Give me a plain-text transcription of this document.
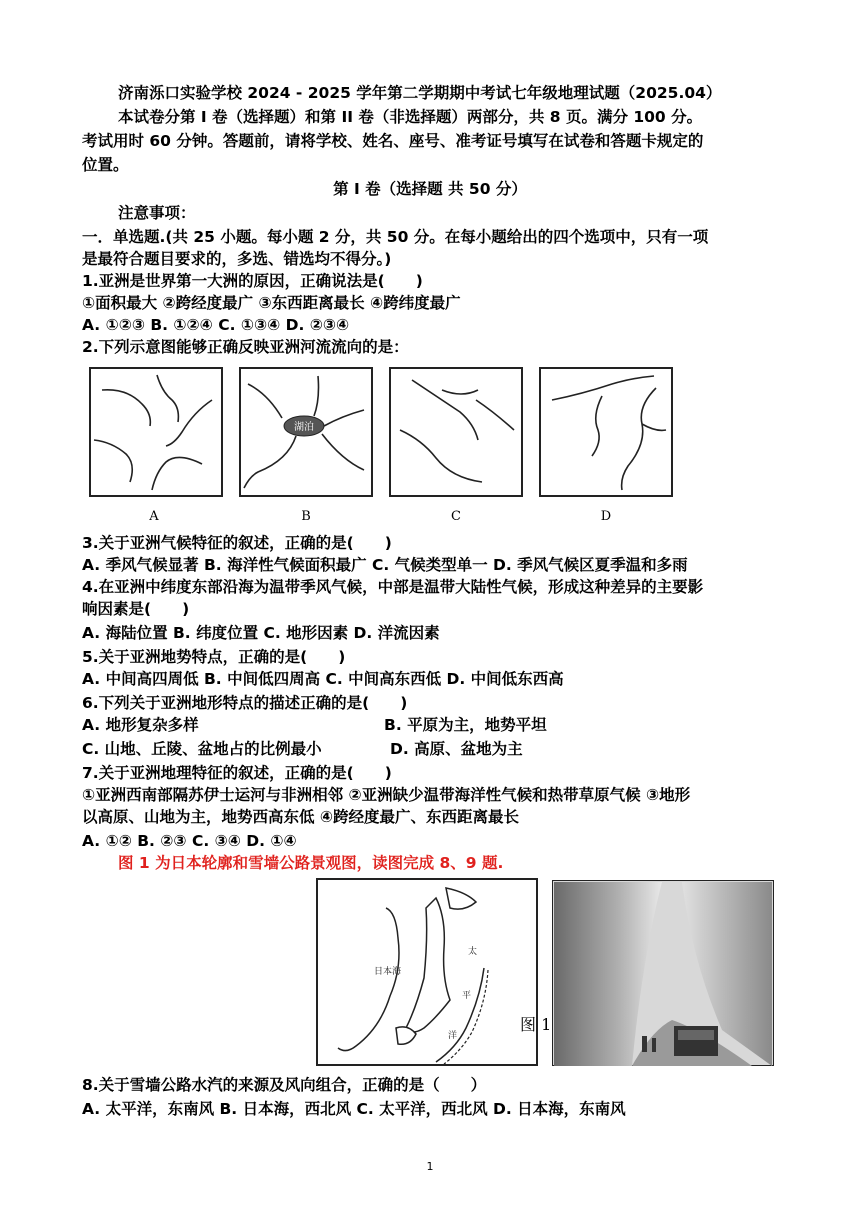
济南泺口实验学校 2024 - 2025 学年第二学期期中考试七年级地理试题（2025.04）
本试卷分第 I 卷（选择题）和第 II 卷（非选择题）两部分，共 8 页。满分 100 分。
考试用时 60 分钟。答题前，请将学校、姓名、座号、准考证号填写在试卷和答题卡规定的
位置。
第 I 卷（选择题 共 50 分）
注意事项：
一．单选题.(共 25 小题。每小题 2 分，共 50 分。在每小题给出的四个选项中，只有一项
是最符合题目要求的，多选、错选均不得分。)
1.亚洲是世界第一大洲的原因，正确说法是(　　)
①面积最大 ②跨经度最广 ③东西距离最长 ④跨纬度最广
A. ①②③ B. ①②④ C. ①③④ D. ②③④
2.下列示意图能够正确反映亚洲河流流向的是：
湖泊
A	B	C	D
3.关于亚洲气候特征的叙述，正确的是(　　)
A. 季风气候显著 B. 海洋性气候面积最广 C. 气候类型单一 D. 季风气候区夏季温和多雨
4.在亚洲中纬度东部沿海为温带季风气候，中部是温带大陆性气候，形成这种差异的主要影
响因素是(　　)
A. 海陆位置 B. 纬度位置 C. 地形因素 D. 洋流因素
5.关于亚洲地势特点，正确的是(　　)
A. 中间高四周低 B. 中间低四周高 C. 中间高东西低 D. 中间低东西高
6.下列关于亚洲地形特点的描述正确的是(　　)
A. 地形复杂多样	B. 平原为主，地势平坦
C. 山地、丘陵、盆地占的比例最小	D. 高原、盆地为主
7.关于亚洲地理特征的叙述，正确的是(　　)
①亚洲西南部隔苏伊士运河与非洲相邻 ②亚洲缺少温带海洋性气候和热带草原气候 ③地形
以高原、山地为主，地势西高东低 ④跨经度最广、东西距离最长
A. ①② B. ②③ C. ③④ D. ①④
图 1 为日本轮廓和雪墙公路景观图，读图完成 8、9 题.
日本海
太
平
洋
图 1
8.关于雪墙公路水汽的来源及风向组合，正确的是（　　）
A. 太平洋，东南风 B. 日本海，西北风 C. 太平洋，西北风 D. 日本海，东南风
1
